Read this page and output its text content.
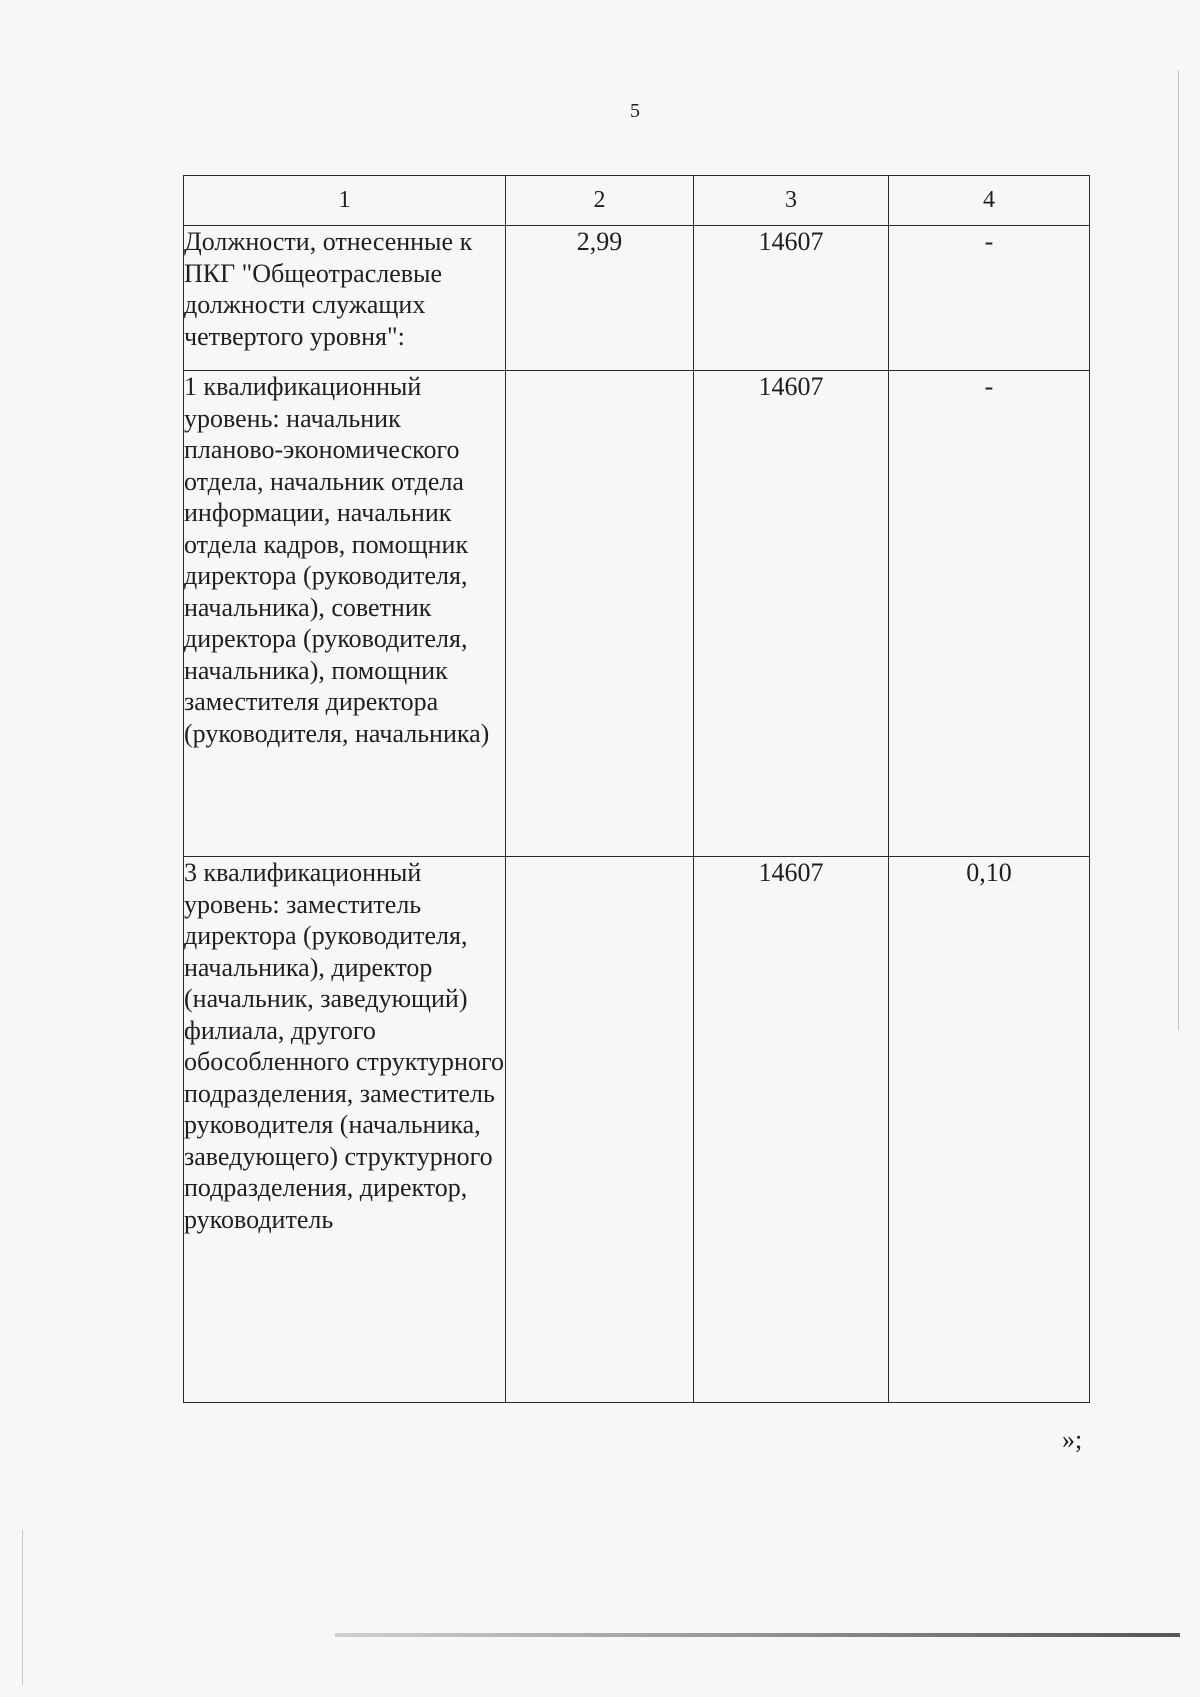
5
1	2	3	4
Должности, отнесенные к ПКГ "Общеотраслевые должности служащих четвертого уровня":	2,99	14607	-
1 квалификационный уровень: начальник планово-экономического отдела, начальник отдела информации, начальник отдела кадров, помощник директора (руководителя, начальника), советник директора (руководителя, начальника), помощник заместителя директора (руководителя, начальника)		14607	-
3 квалификационный уровень: заместитель директора (руководителя, начальника), директор (начальник, заведующий) филиала, другого обособленного структурного подразделения, заместитель руководителя (начальника, заведующего) структурного подразделения, директор, руководитель		14607	0,10
»;
